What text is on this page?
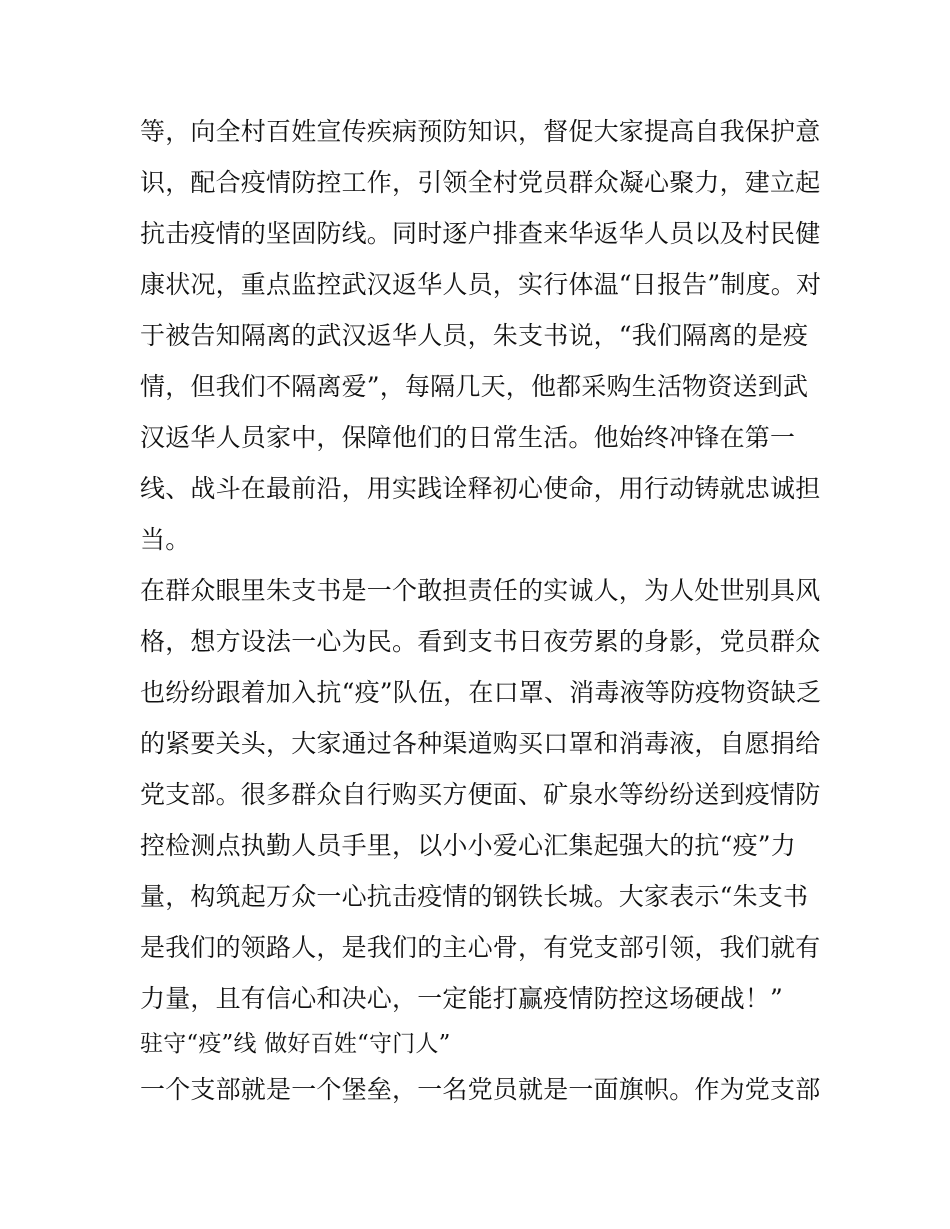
等，向全村百姓宣传疾病预防知识，督促大家提高自我保护意
识，配合疫情防控工作，引领全村党员群众凝心聚力，建立起
抗击疫情的坚固防线。同时逐户排查来华返华人员以及村民健
康状况，重点监控武汉返华人员，实行体温“日报告”制度。对
于被告知隔离的武汉返华人员，朱支书说，“我们隔离的是疫
情，但我们不隔离爱”，每隔几天，他都采购生活物资送到武
汉返华人员家中，保障他们的日常生活。他始终冲锋在第一
线、战斗在最前沿，用实践诠释初心使命，用行动铸就忠诚担
当。
在群众眼里朱支书是一个敢担责任的实诚人，为人处世别具风
格，想方设法一心为民。看到支书日夜劳累的身影，党员群众
也纷纷跟着加入抗“疫”队伍，在口罩、消毒液等防疫物资缺乏
的紧要关头，大家通过各种渠道购买口罩和消毒液，自愿捐给
党支部。很多群众自行购买方便面、矿泉水等纷纷送到疫情防
控检测点执勤人员手里，以小小爱心汇集起强大的抗“疫”力
量，构筑起万众一心抗击疫情的钢铁长城。大家表示“朱支书
是我们的领路人，是我们的主心骨，有党支部引领，我们就有
力量，且有信心和决心，一定能打赢疫情防控这场硬战！”
驻守“疫”线 做好百姓“守门人”
一个支部就是一个堡垒，一名党员就是一面旗帜。作为党支部
